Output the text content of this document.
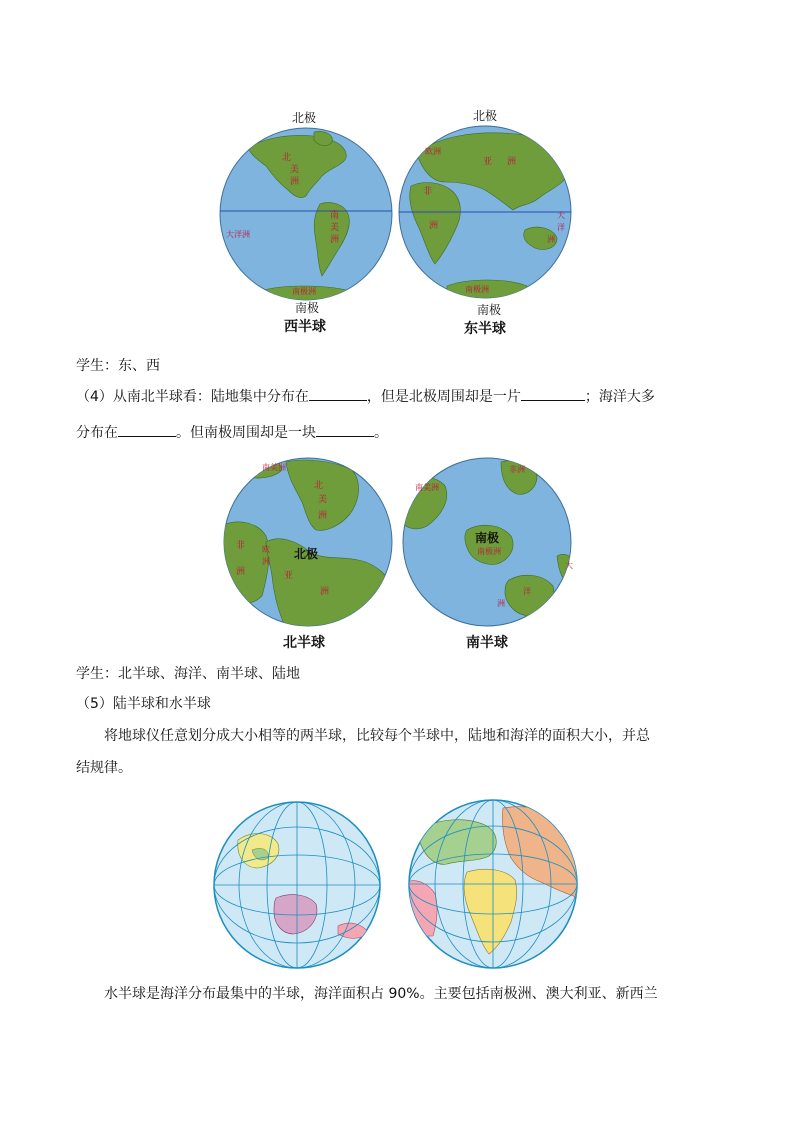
北极	北极
北
美
洲
南
美
洲
大洋洲
南极洲
欧洲
亚 洲
非
洲
大
洋
洲
南极洲
南极	南极
西半球	东半球
学生：东、西
（4）从南北半球看：陆地集中分布在	，但是北极周围却是一片	；海洋大多
分布在	。但南极周围却是一块	。
南美洲
北
美
洲
非
洲
欧
洲
亚
洲
北极
非洲
南美洲
南极洲
大
洋
洲
南极
北半球	南半球
学生：北半球、海洋、南半球、陆地
（5）陆半球和水半球
将地球仪任意划分成大小相等的两半球，比较每个半球中，陆地和海洋的面积大小，并总
结规律。
水半球是海洋分布最集中的半球，海洋面积占 90%。主要包括南极洲、澳大利亚、新西兰
